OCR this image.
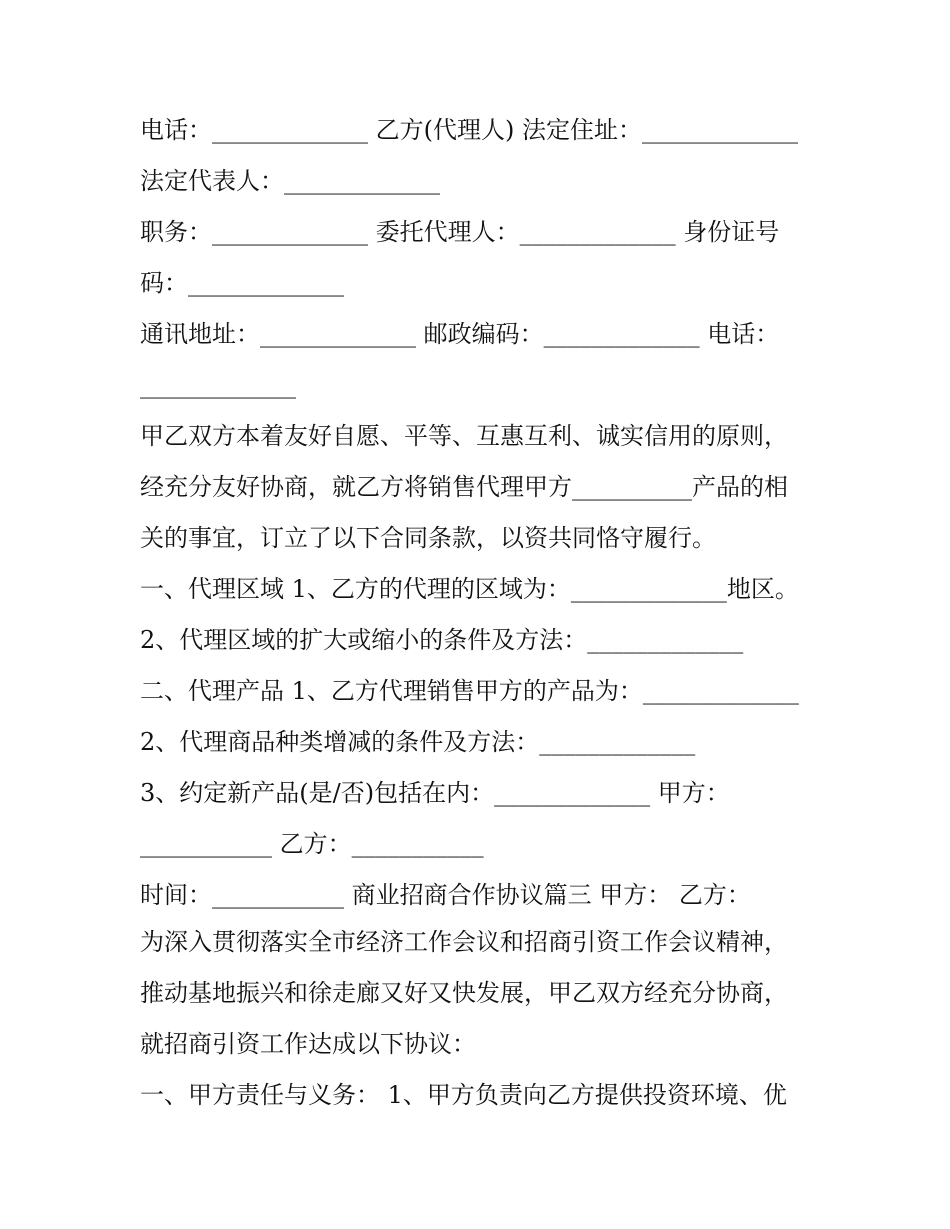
电话：_____________ 乙方(代理人) 法定住址：_____________
法定代表人：_____________
职务：_____________ 委托代理人：_____________ 身份证号
码：_____________
通讯地址：_____________ 邮政编码：_____________ 电话：
_____________
甲乙双方本着友好自愿、平等、互惠互利、诚实信用的原则，
经充分友好协商，就乙方将销售代理甲方__________产品的相
关的事宜，订立了以下合同条款，以资共同恪守履行。
一、代理区域 1、乙方的代理的区域为：_____________地区。
2、代理区域的扩大或缩小的条件及方法：_____________
二、代理产品 1、乙方代理销售甲方的产品为：_____________
2、代理商品种类增减的条件及方法：_____________
3、约定新产品(是/否)包括在内：_____________ 甲方：
___________ 乙方：___________
时间：___________ 商业招商合作协议篇三 甲方： 乙方：
为深入贯彻落实全市经济工作会议和招商引资工作会议精神，
推动基地振兴和徐走廊又好又快发展，甲乙双方经充分协商，
就招商引资工作达成以下协议：
一、甲方责任与义务： 1、甲方负责向乙方提供投资环境、优
